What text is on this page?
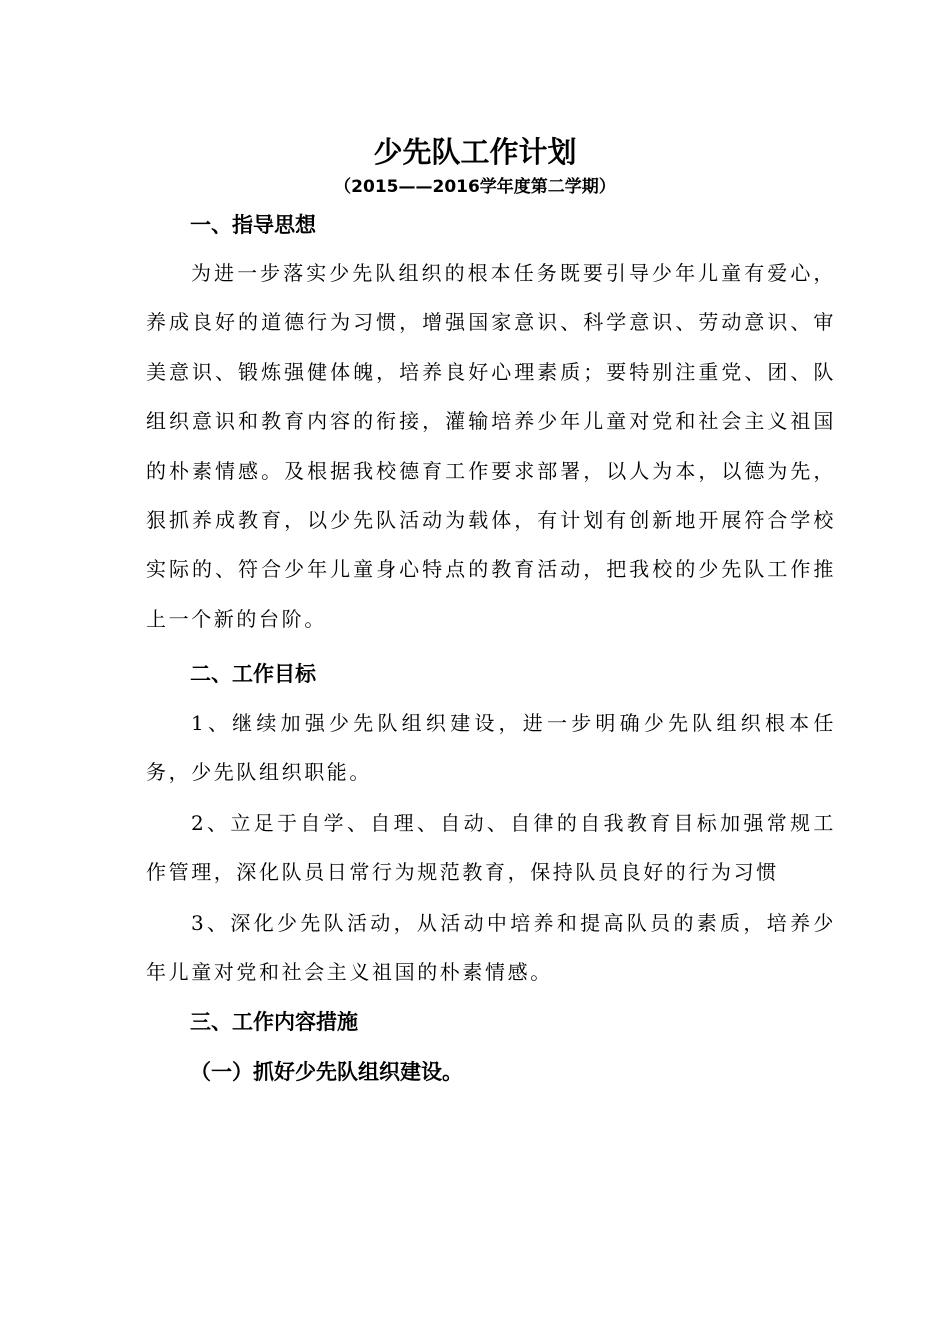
少先队工作计划
（2015——2016学年度第二学期）
一、指导思想

为进一步落实少先队组织的根本任务既要引导少年儿童有爱心，养成良好的道德行为习惯，增强国家意识、科学意识、劳动意识、审美意识、锻炼强健体魄，培养良好心理素质；要特别注重党、团、队组织意识和教育内容的衔接，灌输培养少年儿童对党和社会主义祖国的朴素情感。及根据我校德育工作要求部署，以人为本，以德为先，狠抓养成教育，以少先队活动为载体，有计划有创新地开展符合学校实际的、符合少年儿童身心特点的教育活动，把我校的少先队工作推上一个新的台阶。

二、工作目标

1、继续加强少先队组织建设，进一步明确少先队组织根本任务，少先队组织职能。

2、立足于自学、自理、自动、自律的自我教育目标加强常规工作管理，深化队员日常行为规范教育，保持队员良好的行为习惯

3、深化少先队活动，从活动中培养和提高队员的素质，培养少年儿童对党和社会主义祖国的朴素情感。

三、工作内容措施
（一）抓好少先队组织建设。
